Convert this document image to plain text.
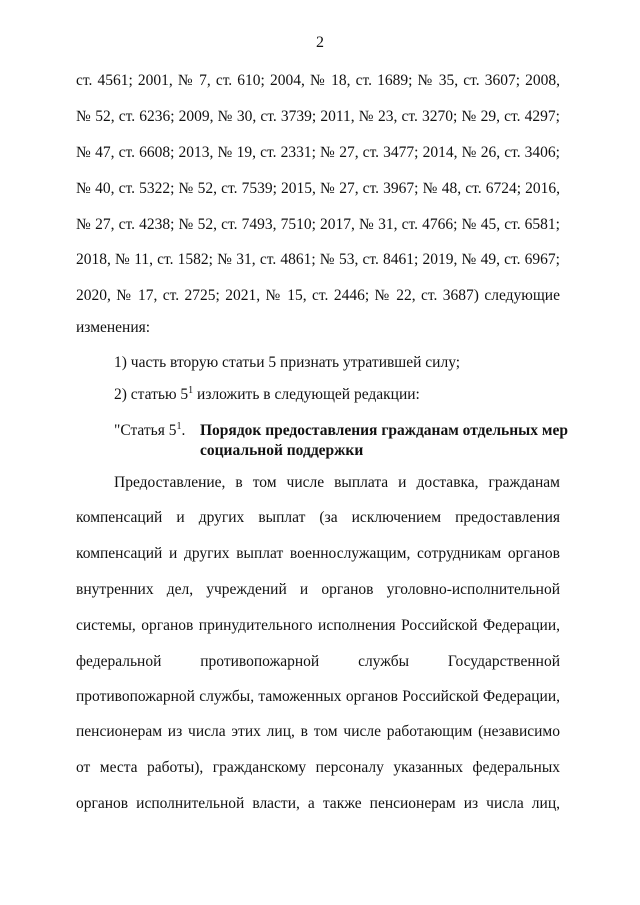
2
ст. 4561; 2001, № 7, ст. 610; 2004, № 18, ст. 1689; № 35, ст. 3607; 2008,
№ 52, ст. 6236; 2009, № 30, ст. 3739; 2011, № 23, ст. 3270; № 29, ст. 4297;
№ 47, ст. 6608; 2013, № 19, ст. 2331; № 27, ст. 3477; 2014, № 26, ст. 3406;
№ 40, ст. 5322; № 52, ст. 7539; 2015, № 27, ст. 3967; № 48, ст. 6724; 2016,
№ 27, ст. 4238; № 52, ст. 7493, 7510; 2017, № 31, ст. 4766; № 45, ст. 6581;
2018, № 11, ст. 1582; № 31, ст. 4861; № 53, ст. 8461; 2019, № 49, ст. 6967;
2020, № 17, ст. 2725; 2021, № 15, ст. 2446; № 22, ст. 3687) следующие
изменения:
1) часть вторую статьи 5 признать утратившей силу;
2) статью $5^1$ изложить в следующей редакции:
"Статья $5^1$. Порядок предоставления гражданам отдельных мер
социальной поддержки
Предоставление, в том числе выплата и доставка, гражданам
компенсаций и других выплат (за исключением предоставления
компенсаций и других выплат военнослужащим, сотрудникам органов
внутренних дел, учреждений и органов уголовно-исполнительной
системы, органов принудительного исполнения Российской Федерации,
федеральной противопожарной службы Государственной
противопожарной службы, таможенных органов Российской Федерации,
пенсионерам из числа этих лиц, в том числе работающим (независимо
от места работы), гражданскому персоналу указанных федеральных
органов исполнительной власти, а также пенсионерам из числа лиц,
